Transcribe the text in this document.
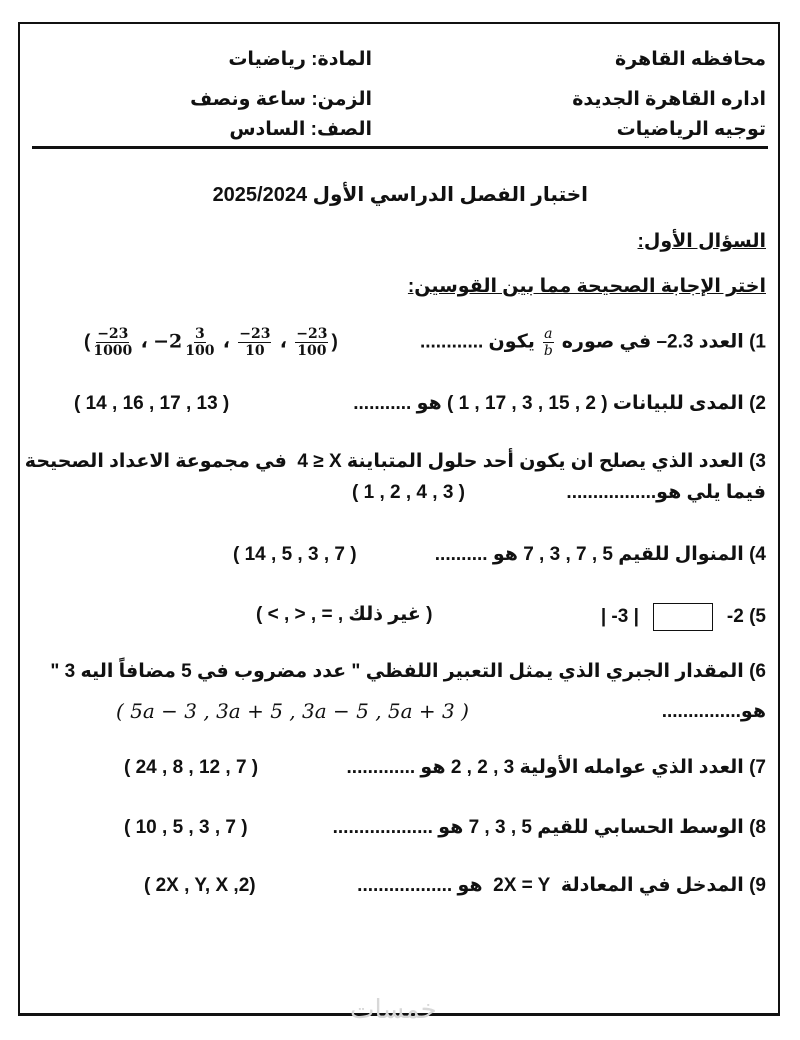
محافظه القاهرة
اداره القاهرة الجديدة
توجيه الرياضيات
المادة: رياضيات
الزمن: ساعة ونصف
الصف: السادس
اختبار الفصل الدراسي الأول 2025/2024
السؤال الأول:
اختر الإجابة الصحيحة مما بين القوسين:
1) العدد 2.3– في صوره
$\frac{a}{b}$
يكون ............
( $\frac{-23}{1000}$ ، $-2 \frac{3}{100}$ ، $\frac{-23}{10}$ ، $\frac{-23}{100}$ )
2) المدى للبيانات ( 2 , 15 , 3 , 17 , 1 ) هو ...........
( 14 , 16 , 17 , 13 )
3) العدد الذي يصلح ان يكون أحد حلول المتباينة 4 ≥ X  في مجموعة الاعداد الصحيحة
فيما يلي هو.................
( 1 , 2 , 4 , 3 )
4) المنوال للقيم 7 , 3 , 7 , 5 هو ..........
( 14 , 5 , 3 , 7 )
5) -2| -3 |
( < , > , = , غير ذلك )
6) المقدار الجبري الذي يمثل التعبير اللفظي " عدد مضروب في 5 مضافاً اليه 3 "
هو...............
( 5a − 3 , 3a + 5 , 3a − 5 , 5a + 3 )
7) العدد الذي عوامله الأولية 3 , 2 , 2 هو .............
( 24 , 8 , 12 , 7 )
8) الوسط الحسابي للقيم 5 , 3 , 7 هو ...................
( 10 , 5 , 3 , 7 )
9) المدخل في المعادلة  2X = Y  هو ..................
( 2X , Y, X ,2)
خمسات
